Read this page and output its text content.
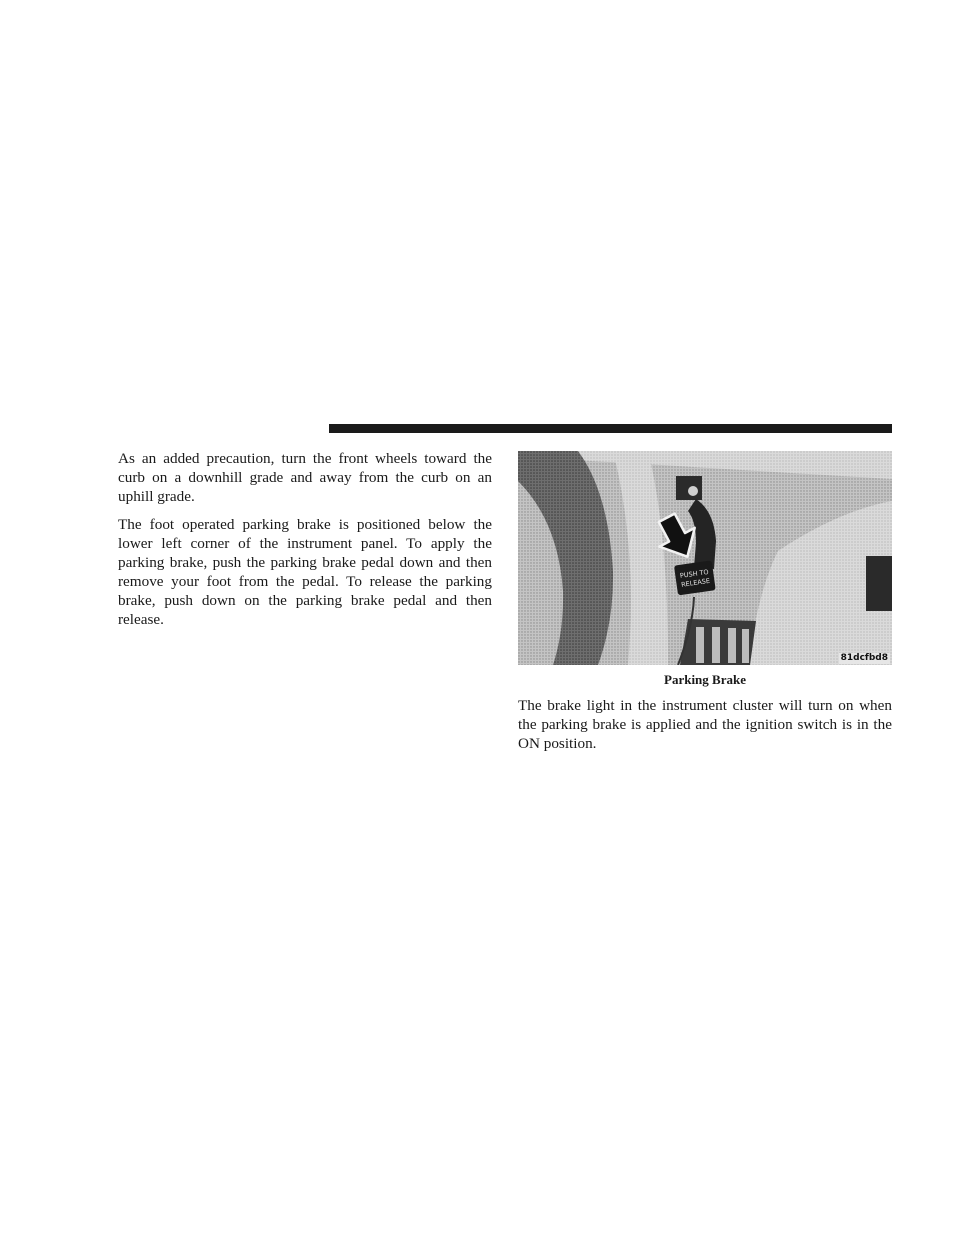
As an added precaution, turn the front wheels toward the curb on a downhill grade and away from the curb on an uphill grade.

The foot operated parking brake is positioned below the lower left corner of the instrument panel. To apply the parking brake, push the parking brake pedal down and then remove your foot from the pedal. To release the parking brake, push down on the parking brake pedal and then release.

PUSH TO
RELEASE
81dcfbd8
Parking Brake

The brake light in the instrument cluster will turn on when the parking brake is applied and the ignition switch is in the ON position.
